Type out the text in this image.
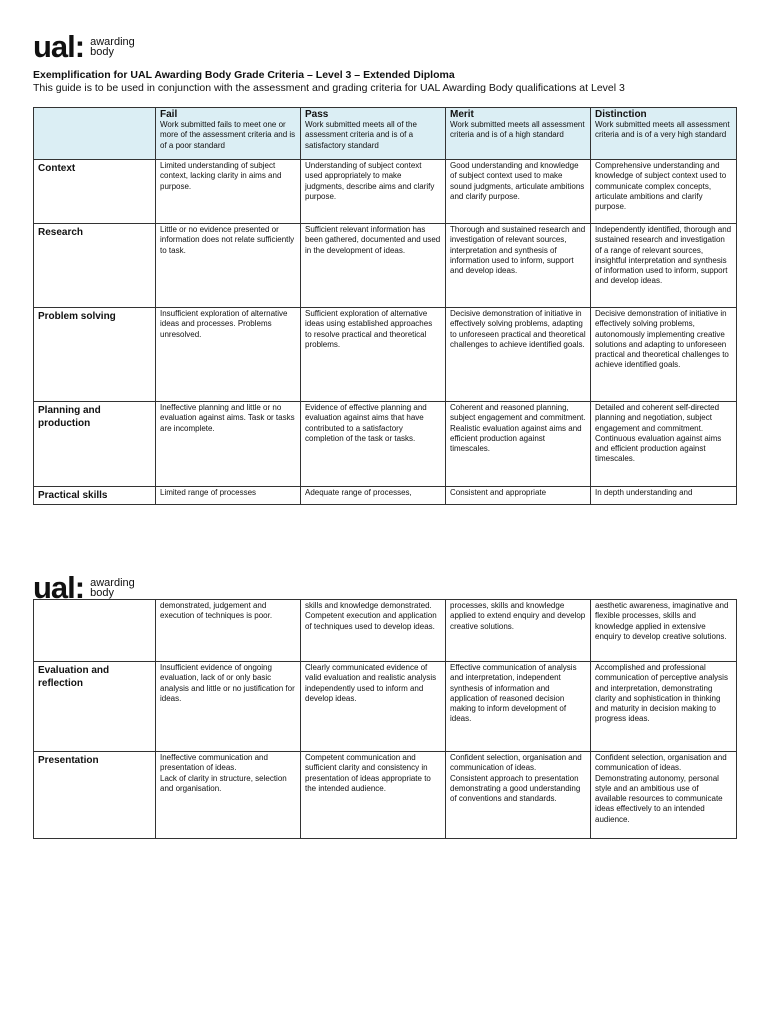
ual: awarding
body
Exemplification for UAL Awarding Body Grade Criteria – Level 3 – Extended Diploma
This guide is to be used in conjunction with the assessment and grading criteria for UAL Awarding Body qualifications at Level 3

	Fail
Work submitted fails to meet one or more of the assessment criteria and is of a poor standard	Pass
Work submitted meets all of the assessment criteria and is of a satisfactory standard	Merit
Work submitted meets all assessment criteria and is of a high standard	Distinction
Work submitted meets all assessment criteria and is of a very high standard
Context	Limited understanding of subject context, lacking clarity in aims and purpose.	Understanding of subject context used appropriately to make judgments, describe aims and clarify purpose.	Good understanding and knowledge of subject context used to make sound judgments, articulate ambitions and clarify purpose.	Comprehensive understanding and knowledge of subject context used to communicate complex concepts, articulate ambitions and clarify purpose.
Research	Little or no evidence presented or information does not relate sufficiently to task.	Sufficient relevant information has been gathered, documented and used in the development of ideas.	Thorough and sustained research and investigation of relevant sources, interpretation and synthesis of information used to inform, support and develop ideas.	Independently identified, thorough and sustained research and investigation of a range of relevant sources, insightful interpretation and synthesis of information used to inform, support and develop ideas.
Problem solving	Insufficient exploration of alternative ideas and processes. Problems unresolved.	Sufficient exploration of alternative ideas using established approaches to resolve practical and theoretical problems.	Decisive demonstration of initiative in effectively solving problems, adapting to unforeseen practical and theoretical challenges to achieve identified goals.	Decisive demonstration of initiative in effectively solving problems, autonomously implementing creative solutions and adapting to unforeseen practical and theoretical challenges to achieve identified goals.
Planning and production	Ineffective planning and little or no evaluation against aims. Task or tasks are incomplete.	Evidence of effective planning and evaluation against aims that have contributed to a satisfactory completion of the task or tasks.	Coherent and reasoned planning, subject engagement and commitment.
Realistic evaluation against aims and efficient production against timescales.	Detailed and coherent self-directed planning and negotiation, subject engagement and commitment.
Continuous evaluation against aims and efficient production against timescales.
Practical skills	Limited range of processes	Adequate range of processes,	Consistent and appropriate	In depth understanding and
ual: awarding
body
	demonstrated, judgement and execution of techniques is poor.	skills and knowledge demonstrated. Competent execution and application of techniques used to develop ideas.	processes, skills and knowledge applied to extend enquiry and develop creative solutions.	aesthetic awareness, imaginative and flexible processes, skills and knowledge applied in extensive enquiry to develop creative solutions.
Evaluation and reflection	Insufficient evidence of ongoing evaluation, lack of or only basic analysis and little or no justification for ideas.	Clearly communicated evidence of valid evaluation and realistic analysis independently used to inform and develop ideas.	Effective communication of analysis and interpretation, independent synthesis of information and application of reasoned decision making to inform development of ideas.	Accomplished and professional communication of perceptive analysis and interpretation, demonstrating clarity and sophistication in thinking and maturity in decision making to progress ideas.
Presentation	Ineffective communication and presentation of ideas.
Lack of clarity in structure, selection and organisation.	Competent communication and sufficient clarity and consistency in presentation of ideas appropriate to the intended audience.	Confident selection, organisation and communication of ideas.
Consistent approach to presentation demonstrating a good understanding of conventions and standards.	Confident selection, organisation and communication of ideas.
Demonstrating autonomy, personal style and an ambitious use of available resources to communicate ideas effectively to an intended audience.
